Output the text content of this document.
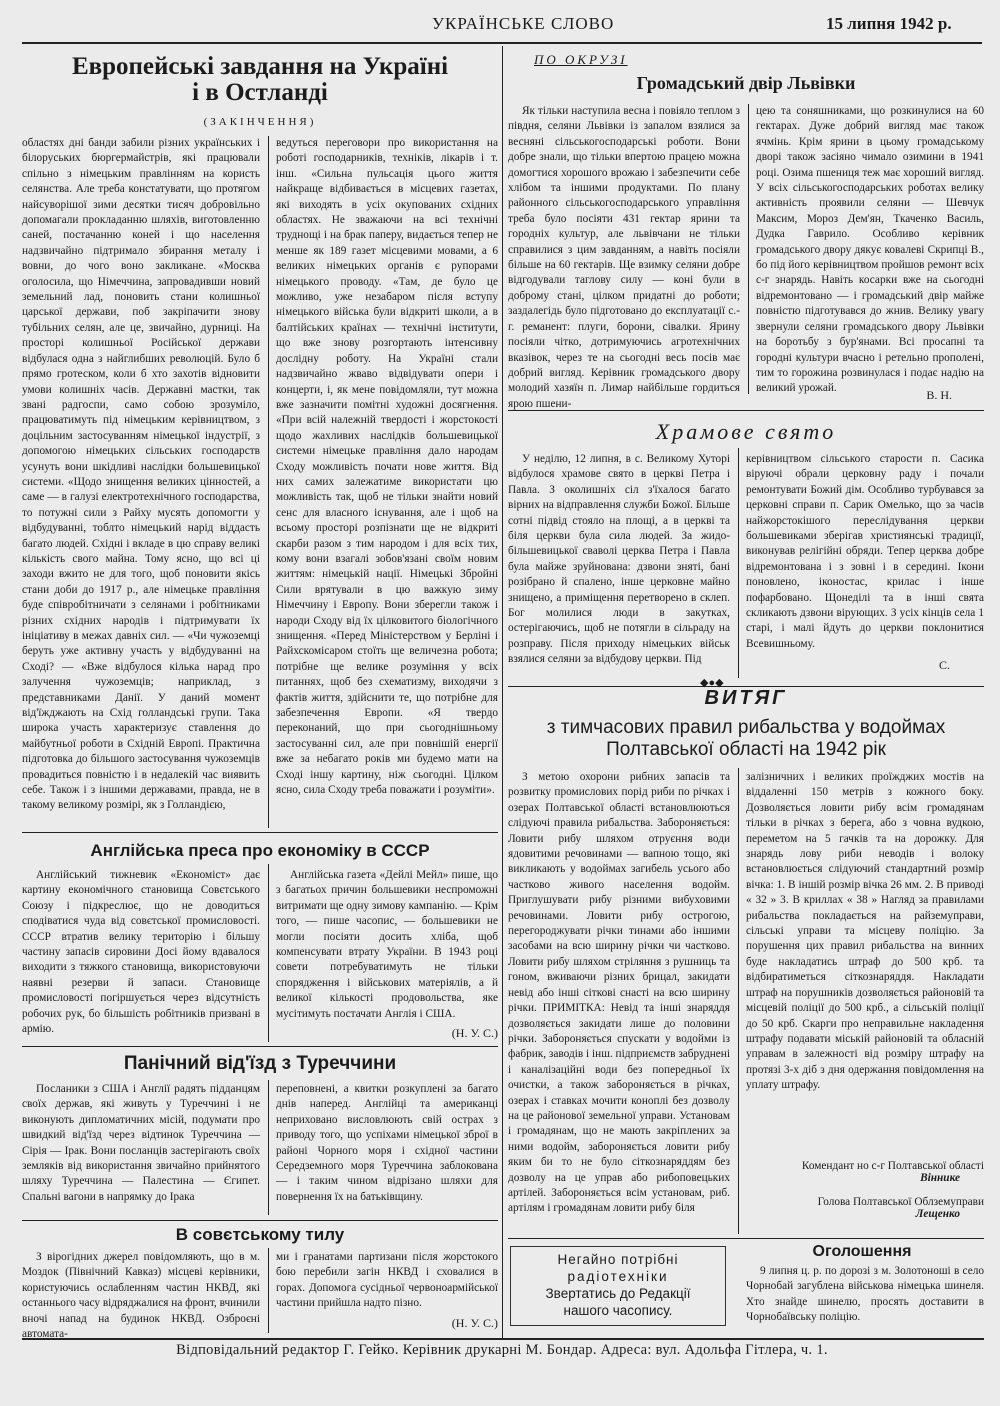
УКРАЇНСЬКЕ СЛОВО	15 липня 1942 р.
Европейські завдання на Україні
і в Остланді
(ЗАКІНЧЕННЯ)

областях дні банди забили різних українських і білоруських бюргермайстрів, які працювали спільно з німецьким правлінням на користь селянства. Але треба констатувати, що протягом найсуворішої зими десятки тисяч добровільно допомагали прокладанню шляхів, виготовленню саней, постачанню коней і що населення надзвичайно підтримало збирання металу і вовни, до чого воно закликане. «Москва оголосила, що Німеччина, запровадивши новий земельний лад, поновить стани колишньої царської держави, поб закріпачити знову тубільних селян, але це, звичайно, дурниці. На просторі колишньої Російської держави відбулася одна з найглибших революцій. Було б прямо гротеском, коли б хто захотів відновити умови колишніх часів. Державні мастки, так звані радгоспи, само собою зрозуміло, працюватимуть під німецьким керівництвом, з доцільним застосуванням німецької індустрії, з допомогою німецьких сільських господарств усунуть вони шкідливі наслідки большевицької системи. «Щодо знищення великих цінностей, а саме — в галузі електротехнічного господарства, то потужні сили з Райху мусять допомогти у відбудуванні, тоблто німецький нарід віддасть багато людей. Східні і вкладе в цю справу великі кількість свого майна. Тому ясно, що всі ці заходи вжито не для того, щоб поновити якісь стани доби до 1917 р., але німецьке правління буде співробітничати з селянами і робітниками різних східних народів і підтримувати їх ініціативу в межах давніх сил. — «Чи чужоземці беруть уже активну участь у відбудуванні на Сході? — «Вже відбулося кілька нарад про залучення чужоземців; наприклад, з представниками Данії. У даний момент від'їжджають на Схід голландські групи. Така широка участь характеризує ставлення до майбутньої роботи в Східній Европі. Практична підготовка до більшого застосування чужоземців провадиться повністю і в недалекій час виявить себе. Також і з іншими державами, правда, не в такому великому розмірі, як з Голландією,

ведуться переговори про використання на роботі господарників, техніків, лікарів і т. інш. «Сильна пульсація цього життя найкраще відбивається в місцевих газетах, які виходять в усіх окупованих східних областях. Не зважаючи на всі технічні труднощі і на брак паперу, видається тепер не менше як 189 газет місцевими мовами, а 6 великих німецьких органів є рупорами німецького проводу. «Там, де було це можливо, уже незабаром після вступу німецького війська були відкриті школи, а в балтійських країнах — технічні інститути, що вже знову розгортають інтенсивну дослідну роботу. На Україні стали надзвичайно жваво відвідувати опери і концерти, і, як мене повідомляли, тут можна вже зазначити помітні художні досягнення. «При всій належній твердості і жорстокості щодо жахливих наслідків большевицької системи німецьке правління дало народам Сходу можливість почати нове життя. Від них самих залежатиме використати цю можливість так, щоб не тільки знайти новий сенс для власного існування, але і щоб на всьому просторі розпізнати ще не відкриті скарби разом з тим народом і для всіх тих, кому вони взагалі зобов'язані своїм новим життям: німецькій нації. Німецькі Збройні Сили врятували в цю важкую зиму Німеччину і Европу. Вони зберегли також і народи Сходу від їх цілковитого біологічного знищення. «Перед Міністерством у Берліні і Райхскомісаром стоїть ще величезна робота; потрібне ще велике розуміння у всіх питаннях, щоб без схематизму, виходячи з фактів життя, здійснити те, що потрібне для забезпечення Европи. «Я твердо переконаний, що при сьогоднішньому застосуванні сил, але при повнішій енергії вже за небагато років ми будемо мати на Сході іншу картину, ніж сьогодні. Цілком ясно, сила Сходу треба поважати і розуміти».

Англійська преса про економіку в СССР

Англійський тижневик «Економіст» дає картину економічного становища Совєтського Союзу і підкреслює, що не доводиться сподіватися чуда від совєтської промисловості. СССР втратив велику територію і більшу частину запасів сировини Досі йому вдавалося виходити з тяжкого становища, використовуючи наявні резерви й запаси. Становище промисловості погіршується через відсутність робочих рук, бо більшість робітників призвані в армію.

Англійська газета «Дейлі Мейл» пише, що з багатьох причин большевики неспроможні витримати ще одну зимову кампанію. — Крім того, — пише часопис, — большевики не могли посіяти досить хліба, щоб компенсувати втрату України. В 1943 році совети потребуватимуть не тільки спорядження і військових матеріялів, а й великої кількості продовольства, яке мусітимуть постачати Англія і США.

(Н. У. С.)
Панічний від'їзд з Туреччини

Посланики з США і Англії радять підданцям своїх держав, які живуть у Туреччині і не виконують дипломатичних місій, подумати про швидкий від'їзд через відтинок Туреччина — Сірія — Ірак. Вони посланців застерігають своїх земляків від використання звичайно прийнятого шляху Туреччина — Палестина — Єгипет. Спальні вагони в напрямку до Ірака

переповнені, а квитки розкуплені за багато днів наперед. Англійці та американці неприховано висловлюють свій острах з приводу того, що успіхами німецької зброї в районі Чорного моря і східної частини Середземного моря Туреччина заблокована — і таким чином відрізано шляхи для повернення їх на батьківщину.

В совєтському тилу

З вірогідних джерел повідомляють, що в м. Моздок (Північний Кавказ) місцеві керівники, користуючись ослабленням частин НКВД, які останнього часу відряджалися на фронт, вчинили вночі напад на будинок НКВД. Озброєні автомата-

ми і гранатами партизани після жорстокого бою перебили загін НКВД і сховалися в горах. Допомога сусідньої червоноармійської частини прийшла надто пізно.

(Н. У. С.)
ПО ОКРУЗІ
Громадський двір Львівки

Як тільки наступила весна і повіяло теплом з півдня, селяни Львівки із запалом взялися за весняні сільськогосподарські роботи. Вони добре знали, що тільки впертою працею можна домогтися хорошого врожаю і забезпечити себе хлібом та іншими продуктами. По плану районного сільськогосподарського управління треба було посіяти 431 гектар ярини та городніх культур, але львівчани не тільки справилися з цим завданням, а навіть посіяли більше на 60 гектарів. Ще взимку селяни добре відгодували таглову силу — коні були в доброму стані, цілком придатні до роботи; заздалегідь було підготовано до експлуатації с.-г. реманент: плуги, борони, сівалки. Ярину посіяли чітко, дотримуючись агротехнічних вказівок, через те на сьогодні весь посів має добрий вигляд. Керівник громадського двору молодий хазяїн п. Лимар найбільше гордиться ярою пшени-

цею та соняшниками, що розкинулися на 60 гектарах. Дуже добрий вигляд має також ячмінь. Крім ярини в цьому громадському дворі також засіяно чимало озимини в 1941 році. Озима пшениця теж має хороший вигляд. У всіх сільськогосподарських роботах велику активність проявили селяни — Шевчук Максим, Мороз Дем'ян, Ткаченко Василь, Дудка Гаврило. Особливо керівник громадського двору дякує ковалеві Скрипці В., бо під його керівництвом пройшов ремонт всіх с-г знарядь. Навіть косарки вже на сьогодні відремонтовано — і громадський двір майже повністю підготувався до жнив. Велику увагу звернули селяни громадського двору Львівки на боротьбу з бур'янами. Всі просапні та городні культури вчасно і ретельно прополені, тим то горожина розвинулася і подає надію на великий урожай.	В. Н.
Храмове свято

У неділю, 12 липня, в с. Великому Хуторі відбулося храмове свято в церкві Петра і Павла. З околишніх сіл з'їхалося багато вірних на відправлення служби Божої. Більше сотні підвід стояло на площі, а в церкві та біля церкви була сила людей. За жидо-більшевицької сваволі церква Петра і Павла була майже зруйнована: дзвони зняті, бані розібрано й спалено, інше церковне майно знищено, а приміщення перетворено в склеп. Бог молилися люди в закутках, остерігаючись, щоб не потягли в сільраду на розправу. Після приходу німецьких військ взялися селяни за відбудову церкви. Під

керівництвом сільського старости п. Сасика віруючі обрали церковну раду і почали ремонтувати Божий дім. Особливо турбувався за церковні справи п. Сарик Омелько, що за часів найжорстокішого переслідування церкви большевиками зберігав християнські традиції, виконував релігійні обряди. Тепер церква добре відремонтована і з зовні і в середині. Ікони поновлено, іконостас, крилас і інше пофарбовано. Щонеділі та в інші свята скликають дзвони вірующих. З усіх кінців села 1 старі, і малі йдуть до церкви поклонитися Всевишньому.

С.
◆●◆
ВИТЯГ
з тимчасових правил рибальства у водоймах
Полтавської області на 1942 рік

З метою охорони рибних запасів та розвитку промислових порід риби по річках і озерах Полтавської області встановлюються слідуючі правила рибальства. Забороняється: Ловити рибу шляхом отруєння води ядовитими речовинами — вапною тощо, які викликають у водоймах загибель усього або частково живого населення водойм. Приглушувати рибу різними вибуховими речовинами. Ловити рибу острогою, перегороджувати річки тинами або іншими засобами на всю ширину річки чи частково. Ловити рибу шляхом стріляння з рушниць та гоном, вживаючи різних брицал, закидати невід або інші сіткові снасті на всю ширину річки. ПРИМІТКА: Невід та інші знаряддя дозволяється закидати лише до половини річки. Забороняється спускати у водойми із фабрик, заводів і інш. підприємств забруднені і каналізаційні води без попередньої їх очистки, а також забороняється в річках, озерах і ставках мочити коноплі без дозволу на це районової земельної управи. Установам і громадянам, що не мають закріплених за ними водойм, забороняється ловити рибу яким би то не було сіткознаряддям без дозволу на це управ або рибоповецьких артілей. Забороняється всім установам, риб. артілям і громадянам ловити рибу біля

залізничних і великих проїжджих мостів на віддаленні 150 метрів з кожного боку. Дозволяється ловити рибу всім громадянам тільки в річках з берега, або з човна вудкою, переметом на 5 гачків та на дорожку. Для знарядь лову риби неводів і волоку встановлюється слідуючий стандартний розмір вічка: 1. В іншій розмір вічка 26 мм. 2. В приводі « 32 » 3. В криллах « 38 » Нагляд за правилами рибальства покладається на райземуправи, сільські управи та місцеву поліцію. За порушення цих правил рибальства на винних буде накладатись штраф до 500 крб. та відбиратиметься сіткознаряддя. Накладати штраф на порушників дозволяється районовій та місцевій поліції до 500 крб., а сільській поліції до 50 крб. Скарги про неправильне накладення штрафу подавати міській районовій та обласній управам в залежності від розміру штрафу на протязі 3-х діб з дня одержання повідомлення на уплату штрафу.

Комендант но с-г Полтавської області
Віннике
Голова Полтавської Облземуправи
Лещенко
Негайно потрібні
радіотехніки
Звертатись до Редакції
нашого часопису.
Оголошення

9 липня ц. р. по дорозі з м. Золотоноші в село Чорнобай загублена військова німецька шинеля. Хто знайде шинелю, просять доставити в Чорнобаївську поліцію.

Відповідальний редактор Г. Гейко. Керівник друкарні М. Бондар. Адреса: вул. Адольфа Гітлера, ч. 1.
